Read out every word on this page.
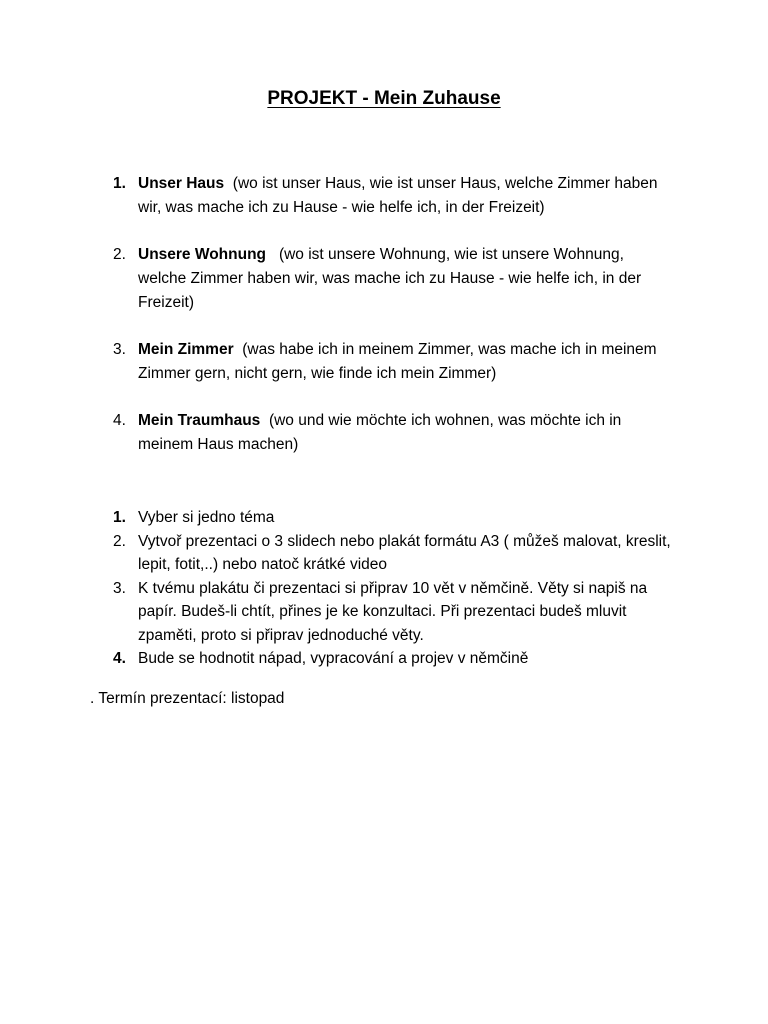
PROJEKT - Mein Zuhause
1. Unser Haus (wo ist unser Haus, wie ist unser Haus, welche Zimmer haben wir, was mache ich zu Hause - wie helfe ich, in der Freizeit)
2. Unsere Wohnung (wo ist unsere Wohnung, wie ist unsere Wohnung, welche Zimmer haben wir, was mache ich zu Hause - wie helfe ich, in der Freizeit)
3. Mein Zimmer (was habe ich in meinem Zimmer, was mache ich in meinem Zimmer gern, nicht gern, wie finde ich mein Zimmer)
4. Mein Traumhaus (wo und wie möchte ich wohnen, was möchte ich in meinem Haus machen)
1. Vyber si jedno téma
2. Vytvoř prezentaci o 3 slidech nebo plakát formátu A3 ( můžeš malovat, kreslit, lepit, fotit,..) nebo natoč krátké video
3. K tvému plakátu či prezentaci si připrav 10 vět v němčině. Věty si napiš na papír. Budeš-li chtít, přines je ke konzultaci. Při prezentaci budeš mluvit zpaměti, proto si připrav jednoduché věty.
4. Bude se hodnotit nápad, vypracování a projev v němčině
. Termín prezentací: listopad
